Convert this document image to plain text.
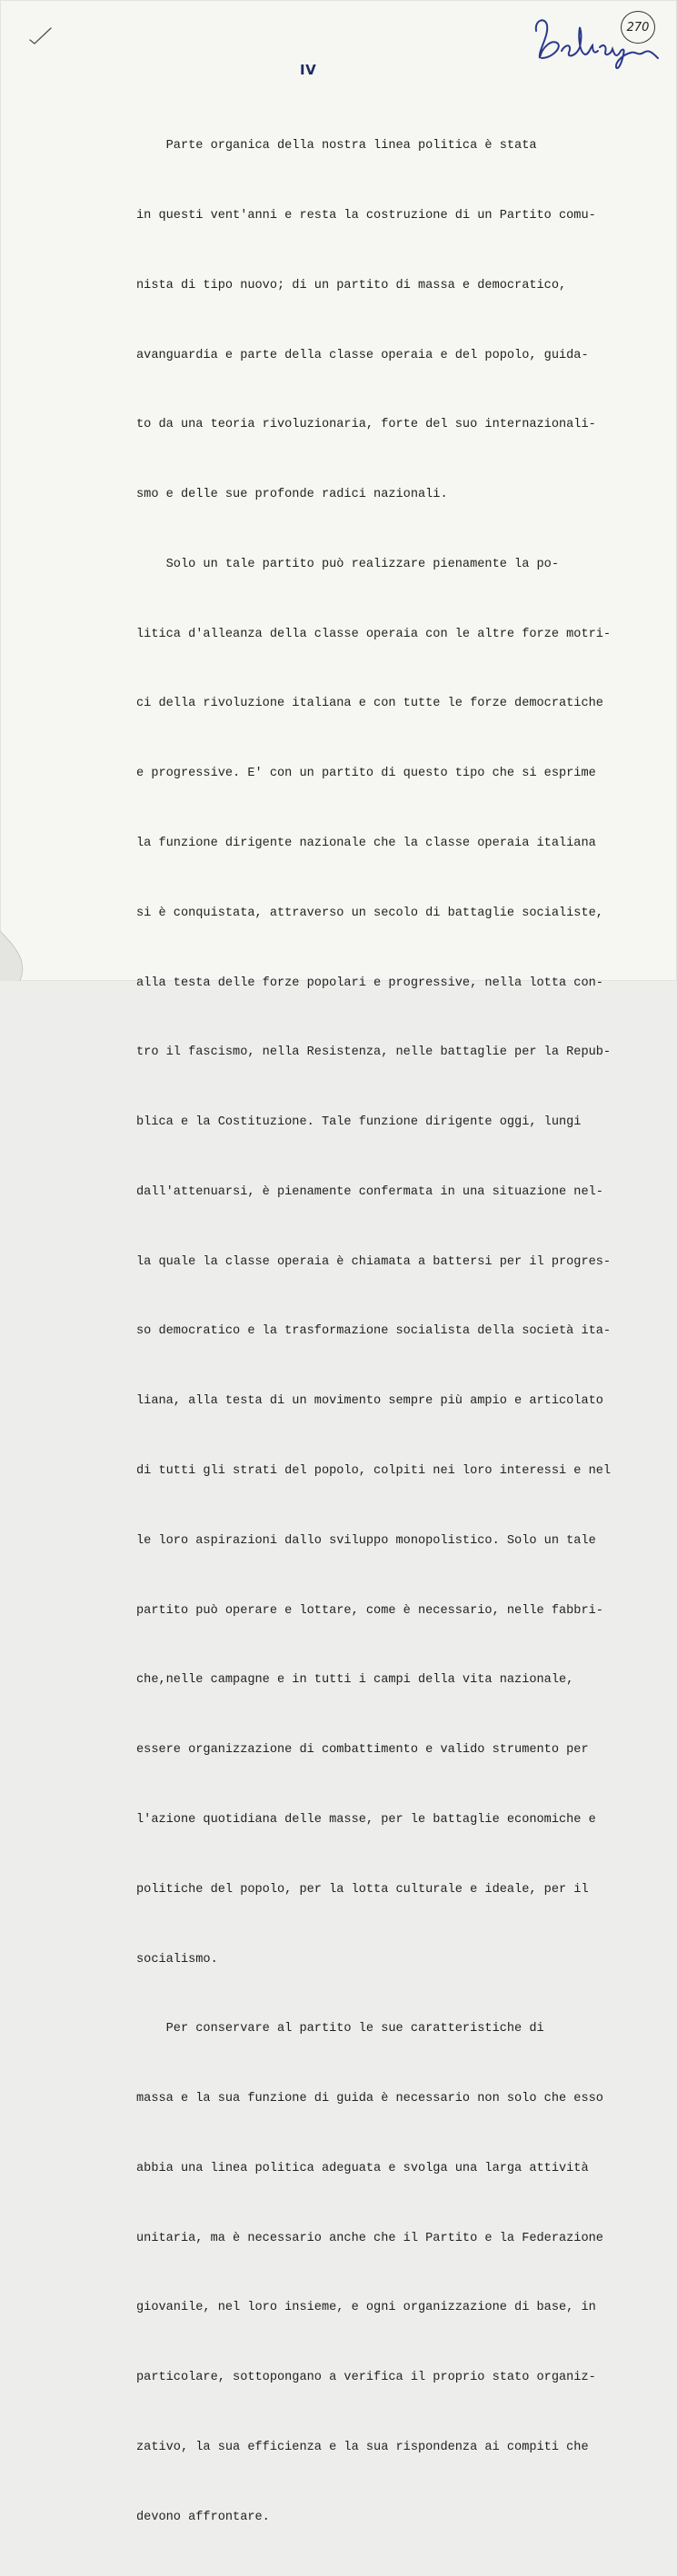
IV
270

Parte organica della nostra linea politica è stata

in questi vent'anni e resta la costruzione di un Partito comu-

nista di tipo nuovo; di un partito di massa e democratico,

avanguardia e parte della classe operaia e del popolo, guida-

to da una teoria rivoluzionaria, forte del suo internazionali-

smo e delle sue profonde radici nazionali.

Solo un tale partito può realizzare pienamente la po-

litica d'alleanza della classe operaia con le altre forze motri-

ci della rivoluzione italiana e con tutte le forze democratiche

e progressive. E' con un partito di questo tipo che si esprime

la funzione dirigente nazionale che la classe operaia italiana

si è conquistata, attraverso un secolo di battaglie socialiste,

alla testa delle forze popolari e progressive, nella lotta con-

tro il fascismo, nella Resistenza, nelle battaglie per la Repub-

blica e la Costituzione. Tale funzione dirigente oggi, lungi

dall'attenuarsi, è pienamente confermata in una situazione nel-

la quale la classe operaia è chiamata a battersi per il progres-

so democratico e la trasformazione socialista della società ita-

liana, alla testa di un movimento sempre più ampio e articolato

di tutti gli strati del popolo, colpiti nei loro interessi e nel

le loro aspirazioni dallo sviluppo monopolistico. Solo un tale

partito può operare e lottare, come è necessario, nelle fabbri-

che,nelle campagne e in tutti i campi della vita nazionale,

essere organizzazione di combattimento e valido strumento per

l'azione quotidiana delle masse, per le battaglie economiche e

politiche del popolo, per la lotta culturale e ideale, per il

socialismo.

Per conservare al partito le sue caratteristiche di

massa e la sua funzione di guida è necessario non solo che esso

abbia una linea politica adeguata e svolga una larga attività

unitaria, ma è necessario anche che il Partito e la Federazione

giovanile, nel loro insieme, e ogni organizzazione di base, in

particolare, sottopongano a verifica il proprio stato organiz-

zativo, la sua efficienza e la sua rispondenza ai compiti che

devono affrontare.
